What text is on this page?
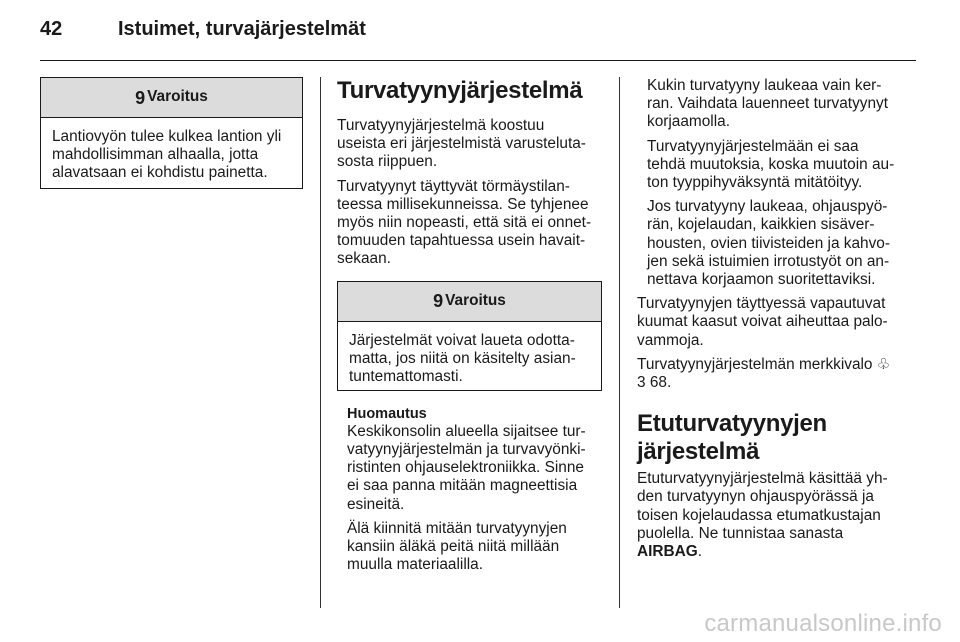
42	Istuimet, turvajärjestelmät
9 Varoitus

Lantiovyön tulee kulkea lantion yli

mahdollisimman alhaalla, jotta

alavatsaan ei kohdistu painetta.

Turvatyynyjärjestelmä

Turvatyynyjärjestelmä koostuu

useista eri järjestelmistä varusteluta-

sosta riippuen.

Turvatyynyt täyttyvät törmäystilan-

teessa millisekunneissa. Se tyhjenee

myös niin nopeasti, että sitä ei onnet-

tomuuden tapahtuessa usein havait-

sekaan.

9 Varoitus

Järjestelmät voivat laueta odotta-

matta, jos niitä on käsitelty asian-

tuntemattomasti.

Huomautus

Keskikonsolin alueella sijaitsee tur-

vatyynyjärjestelmän ja turvavyönki-

ristinten ohjauselektroniikka. Sinne

ei saa panna mitään magneettisia

esineitä.

Älä kiinnitä mitään turvatyynyjen

kansiin äläkä peitä niitä millään

muulla materiaalilla.

Kukin turvatyyny laukeaa vain ker-

ran. Vaihdata lauenneet turvatyynyt

korjaamolla.

Turvatyynyjärjestelmään ei saa

tehdä muutoksia, koska muutoin au-

ton tyyppihyväksyntä mitätöityy.

Jos turvatyyny laukeaa, ohjauspyö-

rän, kojelaudan, kaikkien sisäver-

housten, ovien tiivisteiden ja kahvo-

jen sekä istuimien irrotustyöt on an-

nettava korjaamon suoritettaviksi.

Turvatyynyjen täyttyessä vapautuvat

kuumat kaasut voivat aiheuttaa palo-

vammoja.

Turvatyynyjärjestelmän merkkivalo ♧

3 68.

Etuturvatyynyjen
järjestelmä

Etuturvatyynyjärjestelmä käsittää yh-

den turvatyynyn ohjauspyörässä ja

toisen kojelaudassa etumatkustajan

puolella. Ne tunnistaa sanasta

AIRBAG.

carmanualsonline.info
